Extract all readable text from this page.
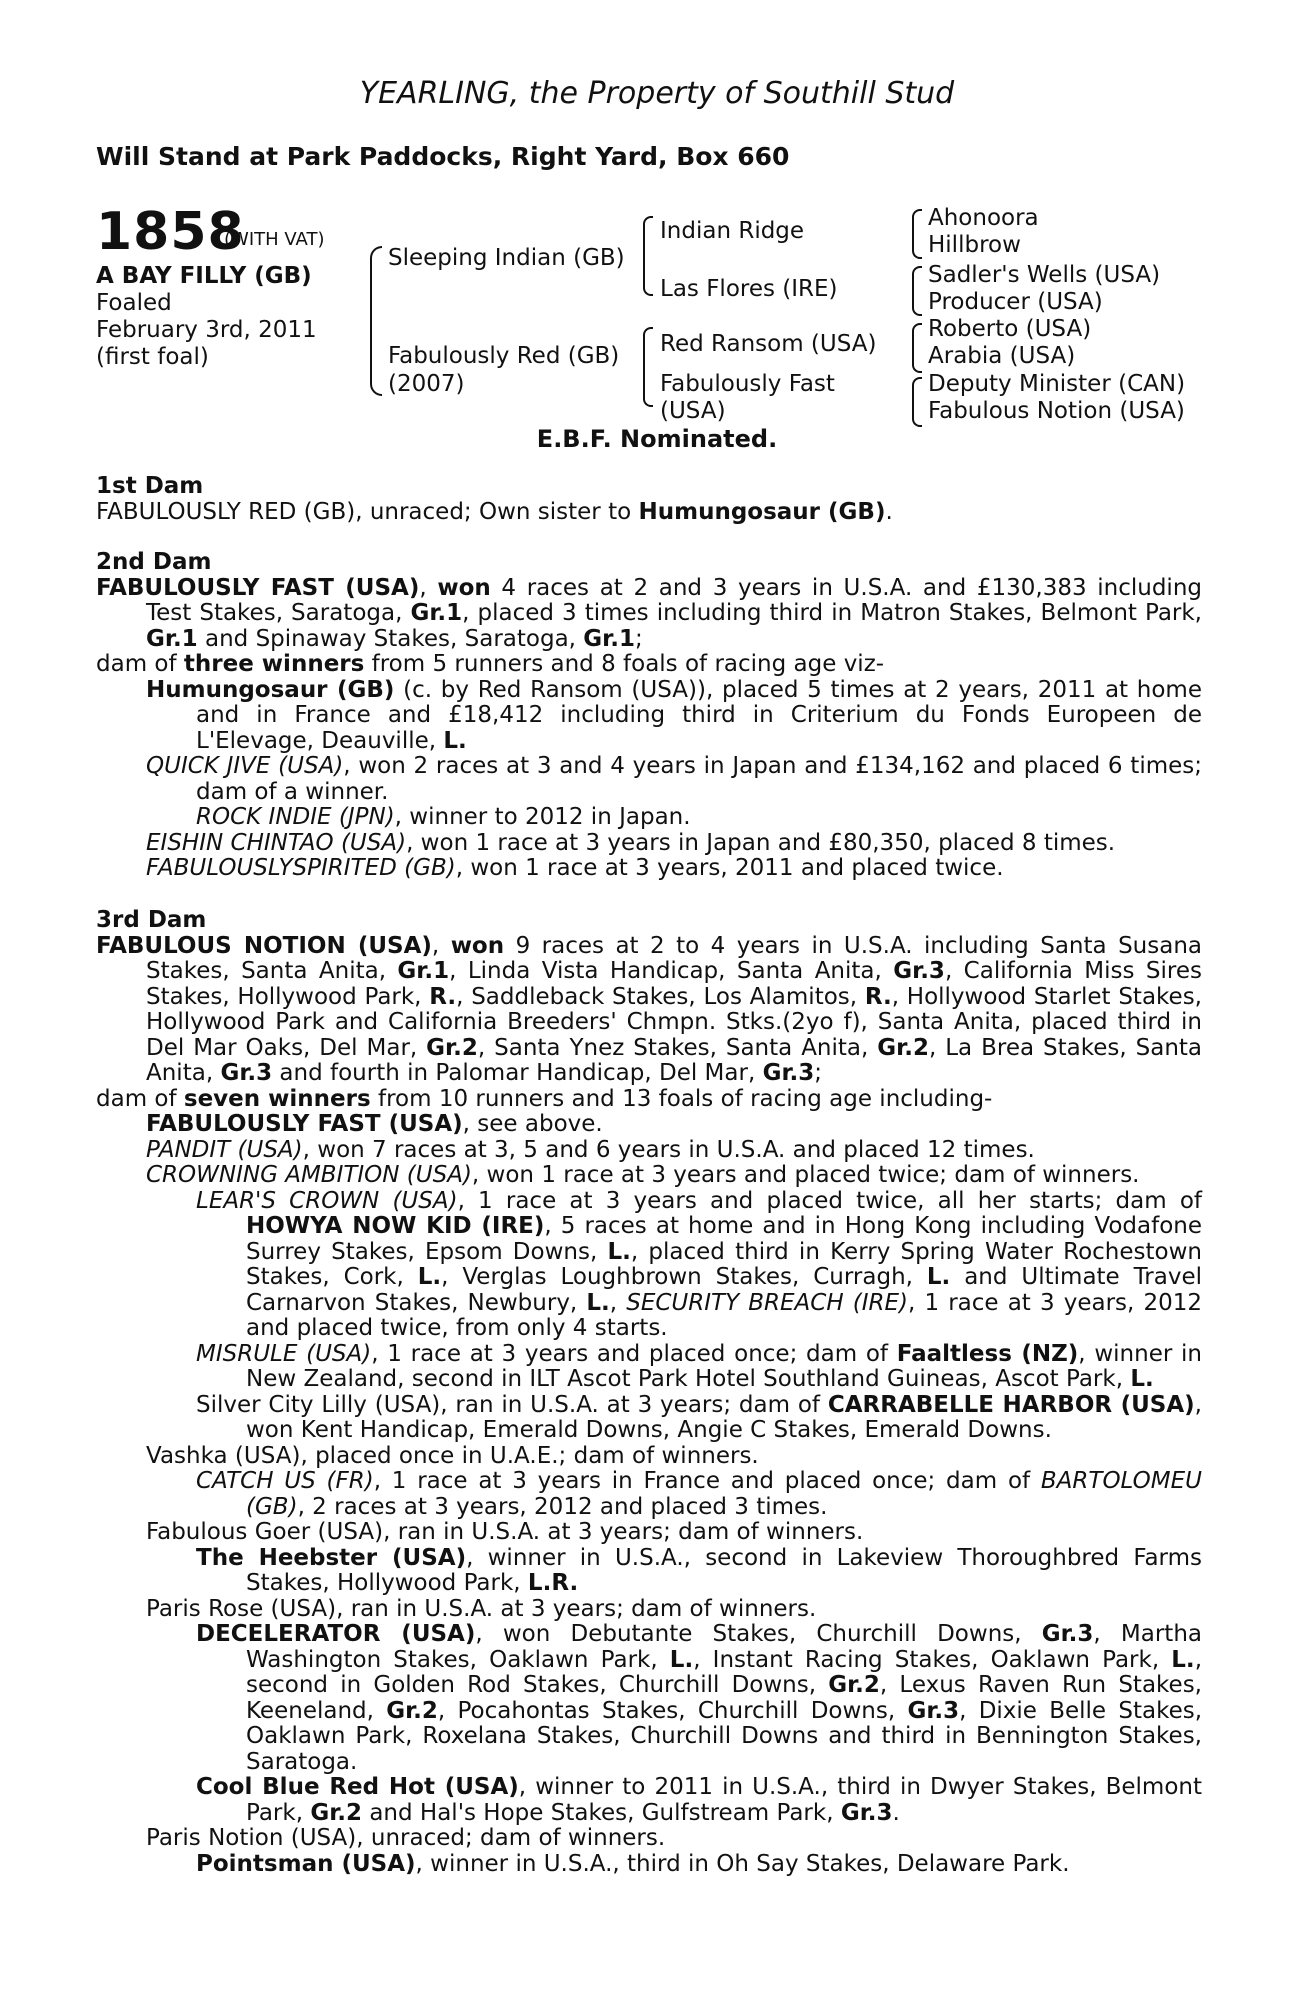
YEARLING, the Property of Southill Stud
Will Stand at Park Paddocks, Right Yard, Box 660
1858
(WITH VAT)
A BAY FILLY (GB)
Foaled
February 3rd, 2011
(first foal)
Sleeping Indian (GB)
Fabulously Red (GB)
(2007)
Indian Ridge
Las Flores (IRE)
Red Ransom (USA)
Fabulously Fast
(USA)
Ahonoora
Hillbrow
Sadler's Wells (USA)
Producer (USA)
Roberto (USA)
Arabia (USA)
Deputy Minister (CAN)
Fabulous Notion (USA)
E.B.F. Nominated.
1st Dam
FABULOUSLY RED (GB), unraced; Own sister to Humungosaur (GB).
2nd Dam
FABULOUSLY FAST (USA), won 4 races at 2 and 3 years in U.S.A. and £130,383 including Test Stakes, Saratoga, Gr.1, placed 3 times including third in Matron Stakes, Belmont Park, Gr.1 and Spinaway Stakes, Saratoga, Gr.1;
dam of three winners from 5 runners and 8 foals of racing age viz-
Humungosaur (GB) (c. by Red Ransom (USA)), placed 5 times at 2 years, 2011 at home and in France and £18,412 including third in Criterium du Fonds Europeen de L'Elevage, Deauville, L.
QUICK JIVE (USA), won 2 races at 3 and 4 years in Japan and £134,162 and placed 6 times; dam of a winner.
ROCK INDIE (JPN), winner to 2012 in Japan.
EISHIN CHINTAO (USA), won 1 race at 3 years in Japan and £80,350, placed 8 times.
FABULOUSLYSPIRITED (GB), won 1 race at 3 years, 2011 and placed twice.
3rd Dam
FABULOUS NOTION (USA), won 9 races at 2 to 4 years in U.S.A. including Santa Susana Stakes, Santa Anita, Gr.1, Linda Vista Handicap, Santa Anita, Gr.3, California Miss Sires Stakes, Hollywood Park, R., Saddleback Stakes, Los Alamitos, R., Hollywood Starlet Stakes, Hollywood Park and California Breeders' Chmpn. Stks.(2yo f), Santa Anita, placed third in Del Mar Oaks, Del Mar, Gr.2, Santa Ynez Stakes, Santa Anita, Gr.2, La Brea Stakes, Santa Anita, Gr.3 and fourth in Palomar Handicap, Del Mar, Gr.3;
dam of seven winners from 10 runners and 13 foals of racing age including-
FABULOUSLY FAST (USA), see above.
PANDIT (USA), won 7 races at 3, 5 and 6 years in U.S.A. and placed 12 times.
CROWNING AMBITION (USA), won 1 race at 3 years and placed twice; dam of winners.
LEAR'S CROWN (USA), 1 race at 3 years and placed twice, all her starts; dam of HOWYA NOW KID (IRE), 5 races at home and in Hong Kong including Vodafone Surrey Stakes, Epsom Downs, L., placed third in Kerry Spring Water Rochestown Stakes, Cork, L., Verglas Loughbrown Stakes, Curragh, L. and Ultimate Travel Carnarvon Stakes, Newbury, L., SECURITY BREACH (IRE), 1 race at 3 years, 2012 and placed twice, from only 4 starts.
MISRULE (USA), 1 race at 3 years and placed once; dam of Faaltless (NZ), winner in New Zealand, second in ILT Ascot Park Hotel Southland Guineas, Ascot Park, L.
Silver City Lilly (USA), ran in U.S.A. at 3 years; dam of CARRABELLE HARBOR (USA), won Kent Handicap, Emerald Downs, Angie C Stakes, Emerald Downs.
Vashka (USA), placed once in U.A.E.; dam of winners.
CATCH US (FR), 1 race at 3 years in France and placed once; dam of BARTOLOMEU (GB), 2 races at 3 years, 2012 and placed 3 times.
Fabulous Goer (USA), ran in U.S.A. at 3 years; dam of winners.
The Heebster (USA), winner in U.S.A., second in Lakeview Thoroughbred Farms Stakes, Hollywood Park, L.R.
Paris Rose (USA), ran in U.S.A. at 3 years; dam of winners.
DECELERATOR (USA), won Debutante Stakes, Churchill Downs, Gr.3, Martha Washington Stakes, Oaklawn Park, L., Instant Racing Stakes, Oaklawn Park, L., second in Golden Rod Stakes, Churchill Downs, Gr.2, Lexus Raven Run Stakes, Keeneland, Gr.2, Pocahontas Stakes, Churchill Downs, Gr.3, Dixie Belle Stakes, Oaklawn Park, Roxelana Stakes, Churchill Downs and third in Bennington Stakes, Saratoga.
Cool Blue Red Hot (USA), winner to 2011 in U.S.A., third in Dwyer Stakes, Belmont Park, Gr.2 and Hal's Hope Stakes, Gulfstream Park, Gr.3.
Paris Notion (USA), unraced; dam of winners.
Pointsman (USA), winner in U.S.A., third in Oh Say Stakes, Delaware Park.
